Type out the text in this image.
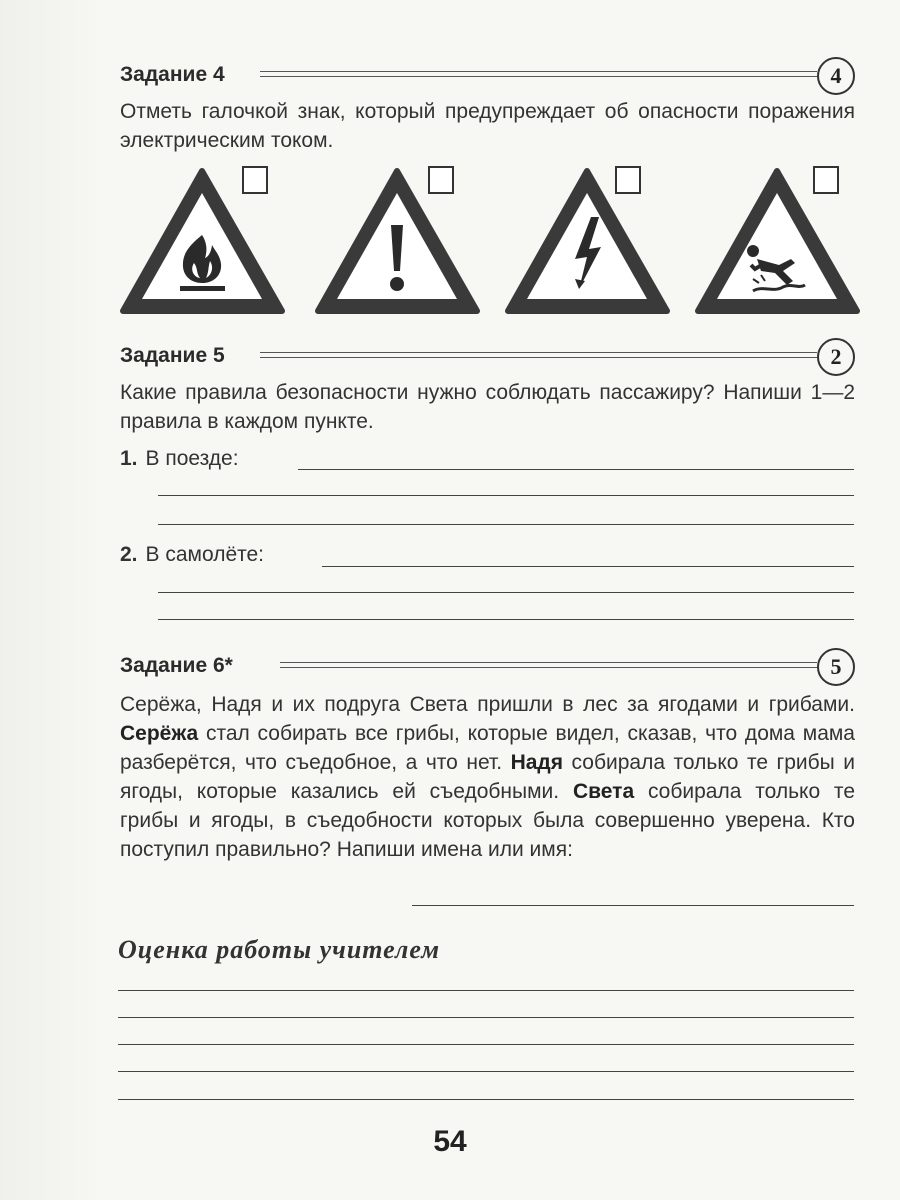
Задание 4	4
Отметь галочкой знак, который предупреждает об опасности поражения электрическим током.
Задание 5	2
Какие правила безопасности нужно соблюдать пассажиру? Напиши 1—2 правила в каждом пункте.
1. В поезде:
2. В самолёте:
Задание 6*	5
Серёжа, Надя и их подруга Света пришли в лес за ягодами и грибами. Серёжа стал собирать все грибы, которые видел, сказав, что дома мама разберётся, что съедобное, а что нет. Надя собирала только те грибы и ягоды, которые казались ей съедобными. Света собирала только те грибы и ягоды, в съедобности которых была совершенно уверена. Кто поступил правильно? Напиши имена или имя:
Оценка работы учителем
54
